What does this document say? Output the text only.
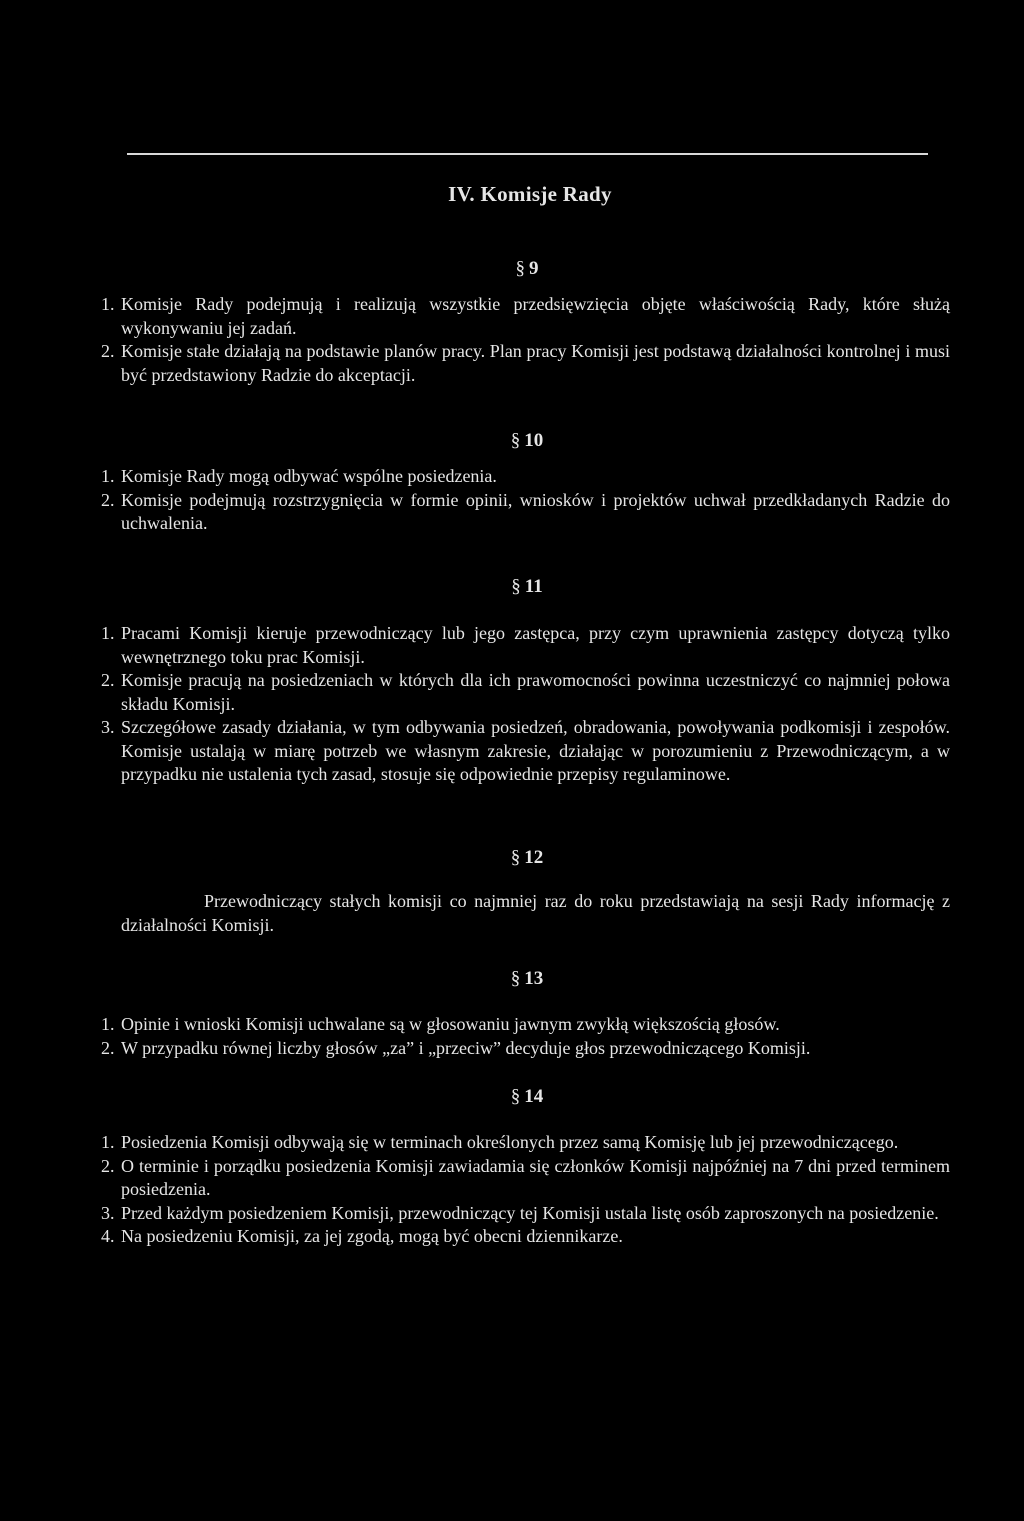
IV. Komisje Rady
§ 9
1. Komisje Rady podejmują i realizują wszystkie przedsięwzięcia objęte właściwością Rady, które służą wykonywaniu jej zadań.
2. Komisje stałe działają na podstawie planów pracy. Plan pracy Komisji jest podstawą działalności kontrolnej i musi być przedstawiony Radzie do akceptacji.
§ 10
1. Komisje Rady mogą odbywać wspólne posiedzenia.
2. Komisje podejmują rozstrzygnięcia w formie opinii, wniosków i projektów uchwał przedkładanych Radzie do uchwalenia.
§ 11
1. Pracami Komisji kieruje przewodniczący lub jego zastępca, przy czym uprawnienia zastępcy dotyczą tylko wewnętrznego toku prac Komisji.
2. Komisje pracują na posiedzeniach w których dla ich prawomocności powinna uczestniczyć co najmniej połowa składu Komisji.
3. Szczegółowe zasady działania, w tym odbywania posiedzeń, obradowania, powoływania podkomisji i zespołów. Komisje ustalają w miarę potrzeb we własnym zakresie, działając w porozumieniu z Przewodniczącym, a w przypadku nie ustalenia tych zasad, stosuje się odpowiednie przepisy regulaminowe.
§ 12
Przewodniczący stałych komisji co najmniej raz do roku przedstawiają na sesji Rady informację z działalności Komisji.
§ 13
1. Opinie i wnioski Komisji uchwalane są w głosowaniu jawnym zwykłą większością głosów.
2. W przypadku równej liczby głosów „za” i „przeciw” decyduje głos przewodniczącego Komisji.
§ 14
1. Posiedzenia Komisji odbywają się w terminach określonych przez samą Komisję lub jej przewodniczącego.
2. O terminie i porządku posiedzenia Komisji zawiadamia się członków Komisji najpóźniej na 7 dni przed terminem posiedzenia.
3. Przed każdym posiedzeniem Komisji, przewodniczący tej Komisji ustala listę osób zaproszonych na posiedzenie.
4. Na posiedzeniu Komisji, za jej zgodą, mogą być obecni dziennikarze.
